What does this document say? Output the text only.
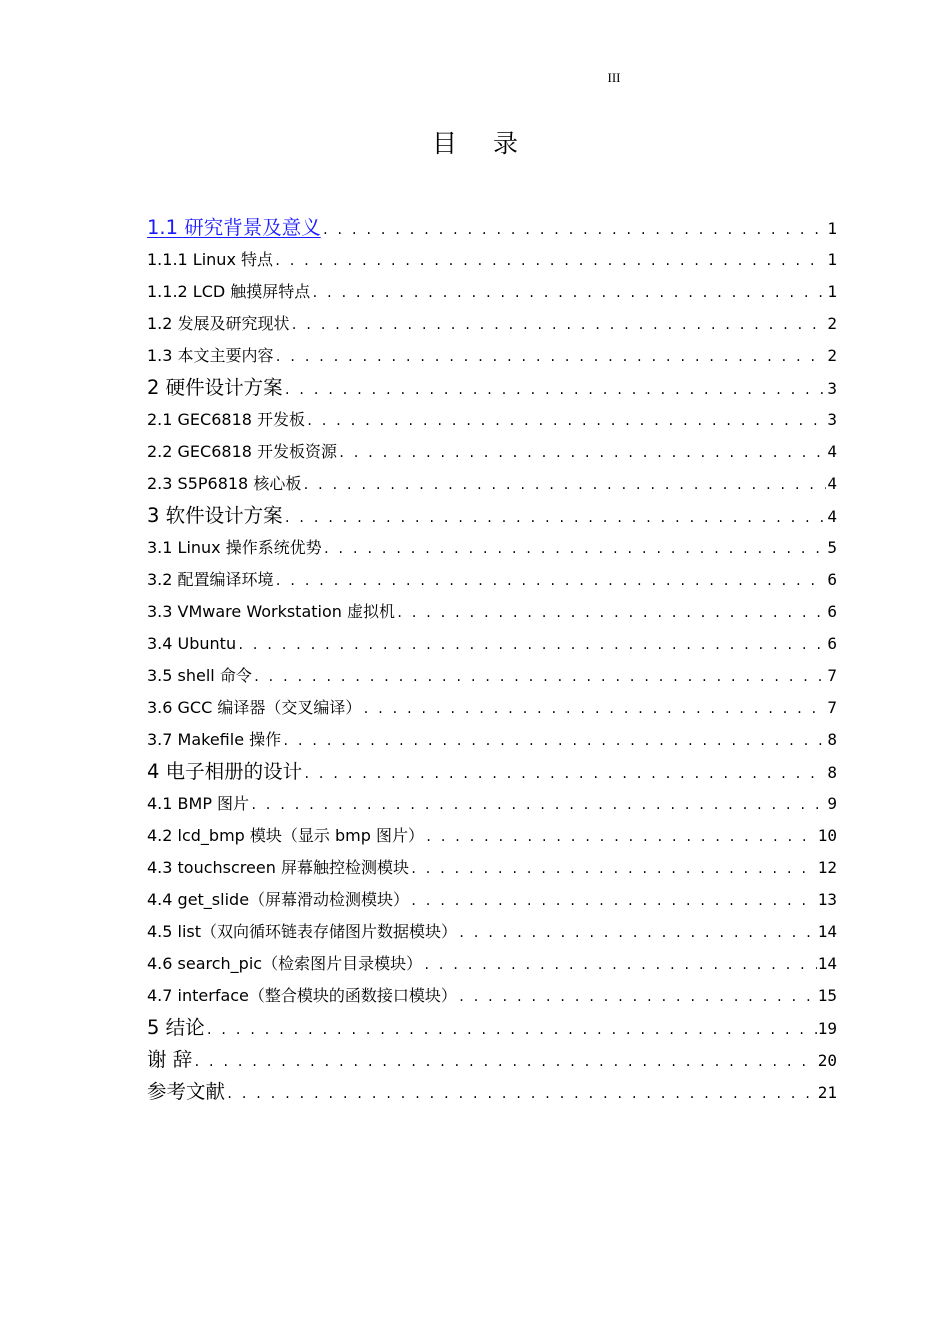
III
目录
1.1 研究背景及意义 . . .	1
1.1.1 Linux 特点 . . .	1
1.1.2 LCD 触摸屏特点 . . .	1
1.2 发展及研究现状 . . .	2
1.3 本文主要内容 . . .	2
2 硬件设计方案 . . .	3
2.1 GEC6818 开发板 . . .	3
2.2 GEC6818 开发板资源 . . .	4
2.3 S5P6818 核心板 . . .	4
3 软件设计方案 . . .	4
3.1 Linux 操作系统优势 . . .	5
3.2 配置编译环境 . . .	6
3.3 VMware Workstation 虚拟机 . . .	6
3.4 Ubuntu . . .	6
3.5 shell 命令 . . .	7
3.6 GCC 编译器（交叉编译） . . .	7
3.7 Makefile 操作 . . .	8
4 电子相册的设计 . . .	8
4.1 BMP 图片 . . .	9
4.2 lcd_bmp 模块（显示 bmp 图片） . . .	10
4.3 touchscreen 屏幕触控检测模块 . . .	12
4.4 get_slide（屏幕滑动检测模块） . . .	13
4.5 list（双向循环链表存储图片数据模块） . . .	14
4.6 search_pic（检索图片目录模块） . . .	14
4.7 interface（整合模块的函数接口模块） . . .	15
5 结论 . . .	19
谢 辞 . . .	20
参考文献 . . .	21
